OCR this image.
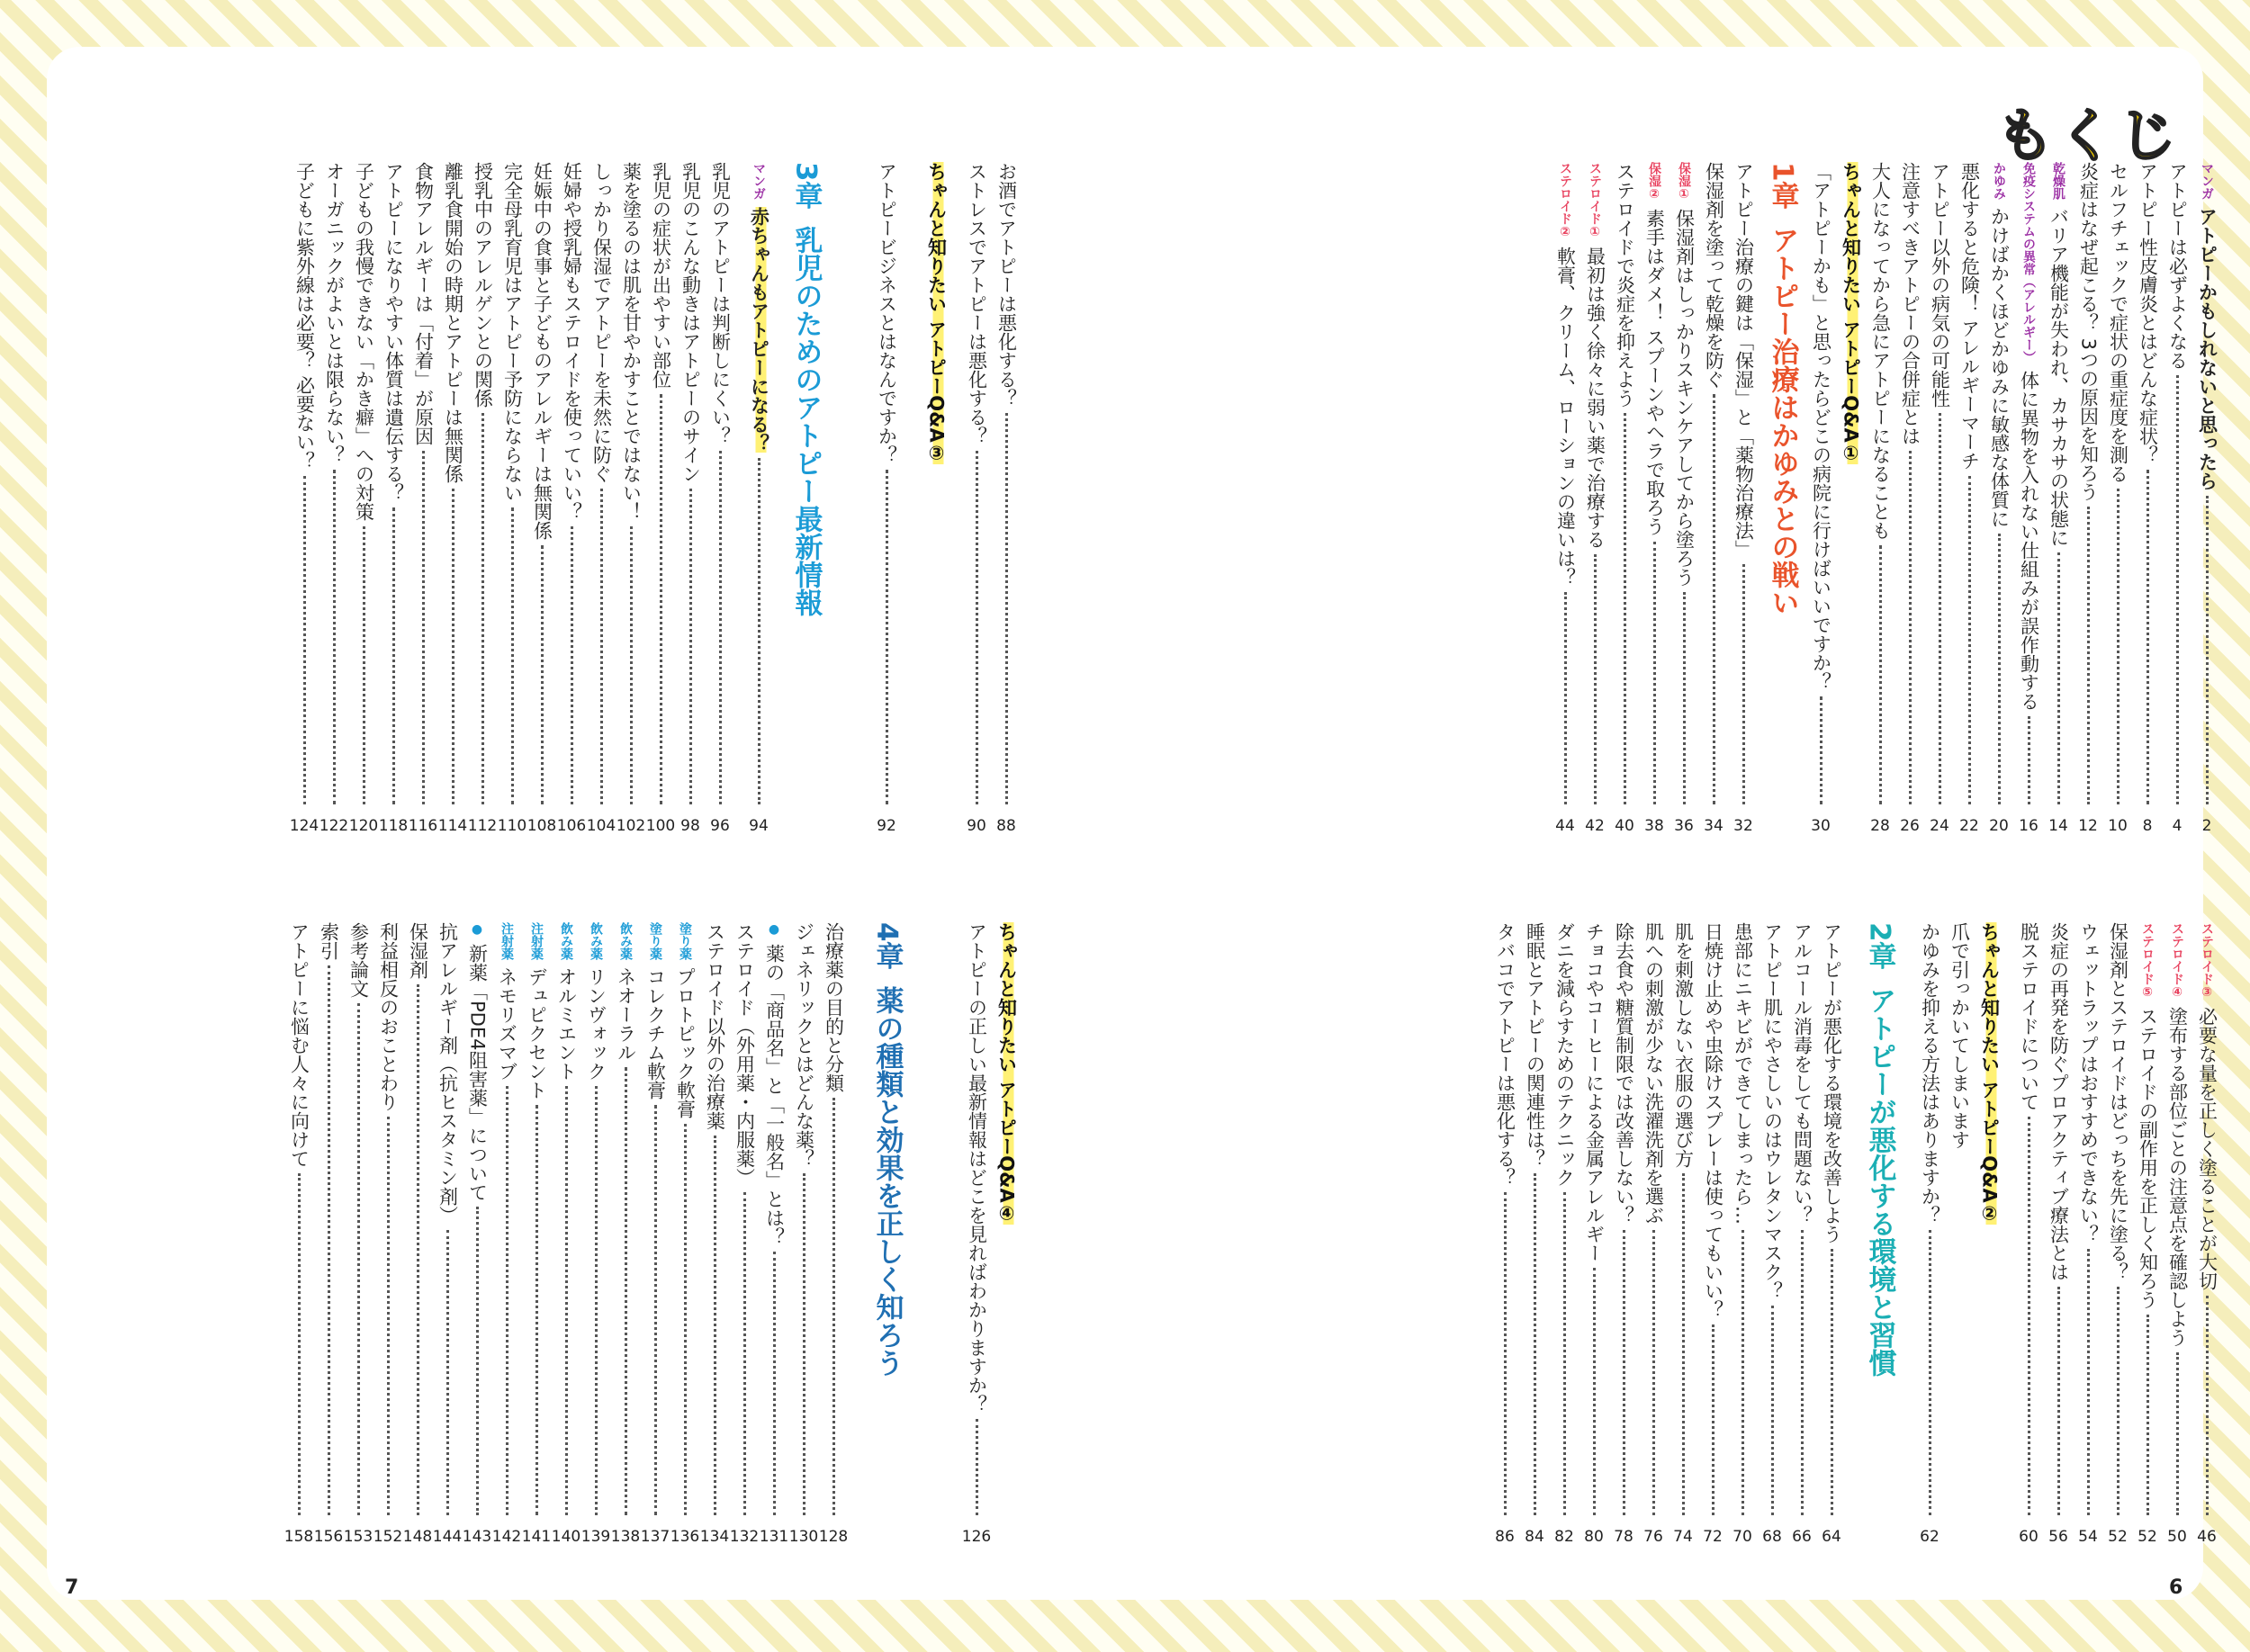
もくじ
7	6
マンガ
アトピーかもしれないと思ったら
2
アトピーは必ずよくなる
4
アトピー性皮膚炎とはどんな症状？
8
セルフチェックで症状の重症度を測る
10
炎症はなぜ起こる？ 3つの原因を知ろう
12
乾燥肌
バリア機能が失われ、カサカサの状態に
14
免疫システムの異常（アレルギー）
体に異物を入れない仕組みが誤作動する
16
かゆみ
かけばかくほどかゆみに敏感な体質に
20
悪化すると危険！ アレルギーマーチ
22
アトピー以外の病気の可能性
24
注意すべきアトピーの合併症とは
26
大人になってから急にアトピーになることも
28
ちゃんと知りたい アトピーQ&A①
「アトピーかも」と思ったらどこの病院に行けばいいですか？
30
1章
アトピー治療はかゆみとの戦い
アトピー治療の鍵は「保湿」と「薬物治療法」
32
保湿剤を塗って乾燥を防ぐ
34
保湿①
保湿剤はしっかりスキンケアしてから塗ろう
36
保湿②
素手はダメ！ スプーンやヘラで取ろう
38
ステロイドで炎症を抑えよう
40
ステロイド①
最初は強く徐々に弱い薬で治療する
42
ステロイド②
軟膏、クリーム、ローションの違いは？
44
お酒でアトピーは悪化する？
88
ストレスでアトピーは悪化する？
90
ちゃんと知りたい アトピーQ&A③
アトピービジネスとはなんですか？
92
3章
乳児のためのアトピー最新情報
マンガ
赤ちゃんもアトピーになる？
94
乳児のアトピーは判断しにくい？
96
乳児のこんな動きはアトピーのサイン
98
乳児の症状が出やすい部位
100
薬を塗るのは肌を甘やかすことではない！
102
しっかり保湿でアトピーを未然に防ぐ
104
妊婦や授乳婦もステロイドを使っていい？
106
妊娠中の食事と子どものアレルギーは無関係
108
完全母乳育児はアトピー予防にならない
110
授乳中のアレルゲンとの関係
112
離乳食開始の時期とアトピーは無関係
114
食物アレルギーは「付着」が原因
116
アトピーになりやすい体質は遺伝する？
118
子どもの我慢できない「かき癖」への対策
120
オーガニックがよいとは限らない？
122
子どもに紫外線は必要？ 必要ない？
124
ステロイド③
必要な量を正しく塗ることが大切
46
ステロイド④
塗布する部位ごとの注意点を確認しよう
50
ステロイド⑤
ステロイドの副作用を正しく知ろう
52
保湿剤とステロイドはどっちを先に塗る？
52
ウェットラップはおすすめできない？
54
炎症の再発を防ぐプロアクティブ療法とは
56
脱ステロイドについて
60
ちゃんと知りたい アトピーQ&A②
爪で引っかいてしまいます
かゆみを抑える方法はありますか？
62
2章
アトピーが悪化する環境と習慣
アトピーが悪化する環境を改善しよう
64
アルコール消毒をしても問題ない？
66
アトピー肌にやさしいのはウレタンマスク？
68
患部にニキビができてしまったら…
70
日焼け止めや虫除けスプレーは使ってもいい？
72
肌を刺激しない衣服の選び方
74
肌への刺激が少ない洗濯洗剤を選ぶ
76
除去食や糖質制限では改善しない？
78
チョコやコーヒーによる金属アレルギー
80
ダニを減らすためのテクニック
82
睡眠とアトピーの関連性は？
84
タバコでアトピーは悪化する？
86
ちゃんと知りたい アトピーQ&A④
アトピーの正しい最新情報はどこを見ればわかりますか？
126
4章
薬の種類と効果を正しく知ろう
治療薬の目的と分類
128
ジェネリックとはどんな薬？
130
●
薬の「商品名」と「一般名」とは？
131
ステロイド（外用薬・内服薬）
132
ステロイド以外の治療薬
134
塗り薬
プロトピック軟膏
136
塗り薬
コレクチム軟膏
137
飲み薬
ネオーラル
138
飲み薬
リンヴォック
139
飲み薬
オルミエント
140
注射薬
デュピクセント
141
注射薬
ネモリズマブ
142
●
新薬「PDE4阻害薬」について
143
抗アレルギー剤（抗ヒスタミン剤）
144
保湿剤
148
利益相反のおことわり
152
参考論文
153
索引
156
アトピーに悩む人々に向けて
158
